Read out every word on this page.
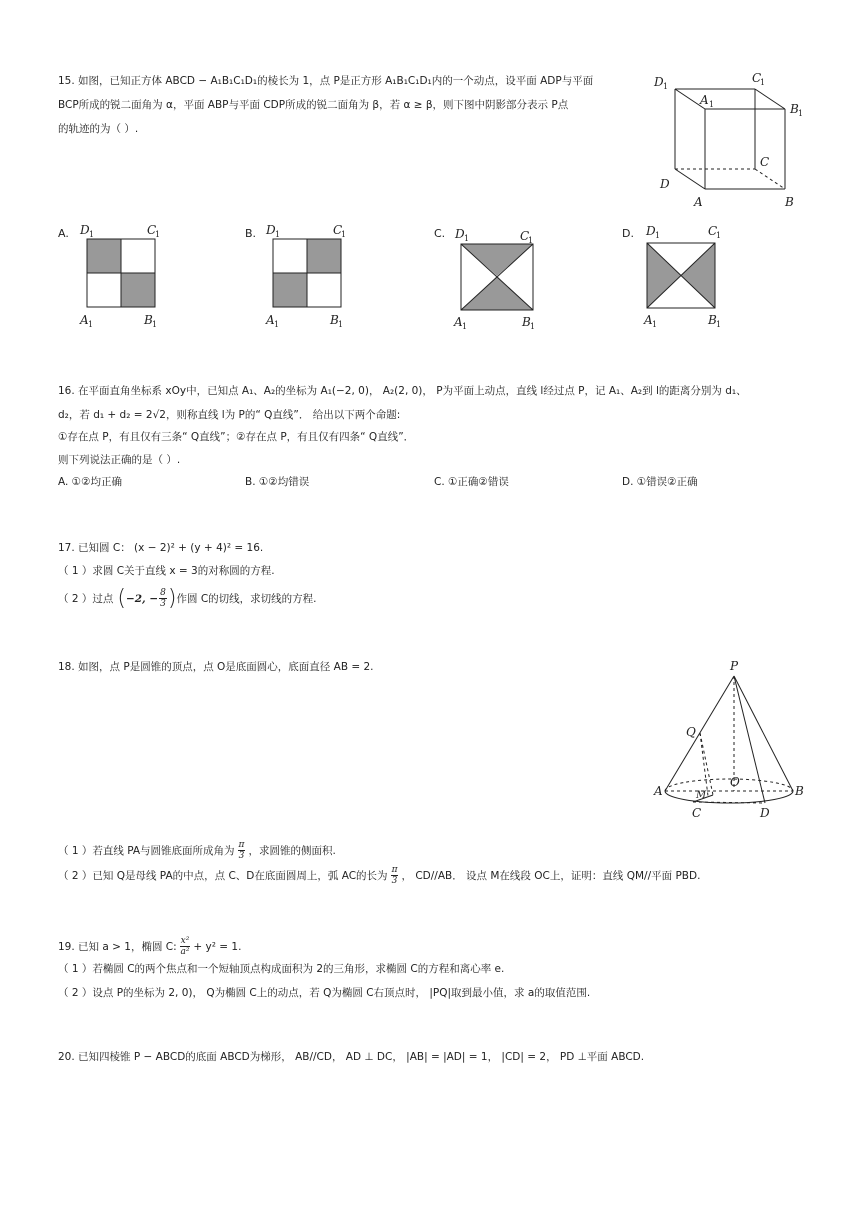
15. 如图，已知正方体 ABCD − A₁B₁C₁D₁的棱长为 1，点 P是正方形 A₁B₁C₁D₁内的一个动点，设平面 ADP与平面
BCP所成的锐二面角为 α，平面 ABP与平面 CDP所成的锐二面角为 β，若 α ≥ β，则下图中阴影部分表示 P点
的轨迹的为（ ）.
D 1
C
1
A 1	B 1
C
D
A	B
A. D 1	C
1
A 1	B 1
B. D 1	C
1
A 1	B 1
C. D 1	C
1
A 1	B 1
D. D 1	C
1
A 1	B 1
16. 在平面直角坐标系 xOy中，已知点 A₁、A₂的坐标为 A₁(−2, 0)， A₂(2, 0)， P为平面上动点，直线 l经过点 P，记 A₁、A₂到 l的距离分别为 d₁、
d₂，若 d₁ + d₂ = 2√2，则称直线 l为 P的“ Q直线”． 给出以下两个命题:
①存在点 P，有且仅有三条“ Q直线”；②存在点 P，有且仅有四条“ Q直线”．
则下列说法正确的是（ ）.
A. ①②均正确	B. ①②均错误	C. ①正确②错误	D. ①错误②正确
17. 已知圆 C： (x − 2)² + (y + 4)² = 16.
（ 1 ）求圆 C关于直线 x = 3的对称圆的方程.
（ 2 ）过点 ( −2, − $\frac{8}{3}$ ) 作圆 C的切线，求切线的方程.
18. 如图，点 P是圆锥的顶点，点 O是底面圆心，底面直径 AB = 2.	P
Q
O
A	B
M
C	D
（ 1 ）若直线 PA与圆锥底面所成角为 π
3 ，求圆锥的侧面积.
（ 2 ）已知 Q是母线 PA的中点，点 C、D在底面圆周上，弧 AC的长为 π
3 ， CD//AB． 设点 M在线段 OC上，证明：直线 QM//平面 PBD.
19. 已知 a > 1，椭圆 C: x²
a² + y² = 1.
（ 1 ）若椭圆 C的两个焦点和一个短轴顶点构成面积为 2的三角形，求椭圆 C的方程和离心率 e.
（ 2 ）设点 P的坐标为 2, 0)， Q为椭圆 C上的动点，若 Q为椭圆 C右顶点时， |PQ|取到最小值，求 a的取值范围.
20. 已知四棱锥 P − ABCD的底面 ABCD为梯形， AB//CD， AD ⊥ DC， |AB| = |AD| = 1， |CD| = 2， PD ⊥平面 ABCD.
